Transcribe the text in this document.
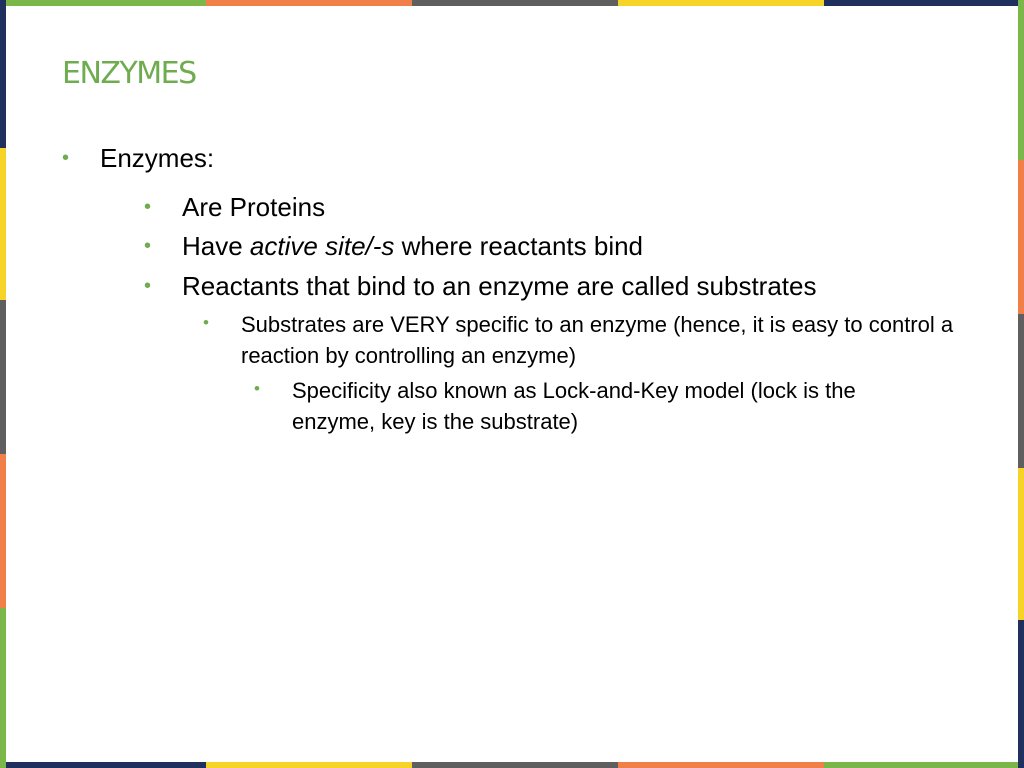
ENZYMES
• Enzymes:
• Are Proteins
• Have active site/-s where reactants bind
• Reactants that bind to an enzyme are called substrates
• Substrates are VERY specific to an enzyme (hence, it is easy to control a reaction by controlling an enzyme)
• Specificity also known as Lock-and-Key model (lock is the enzyme, key is the substrate)
